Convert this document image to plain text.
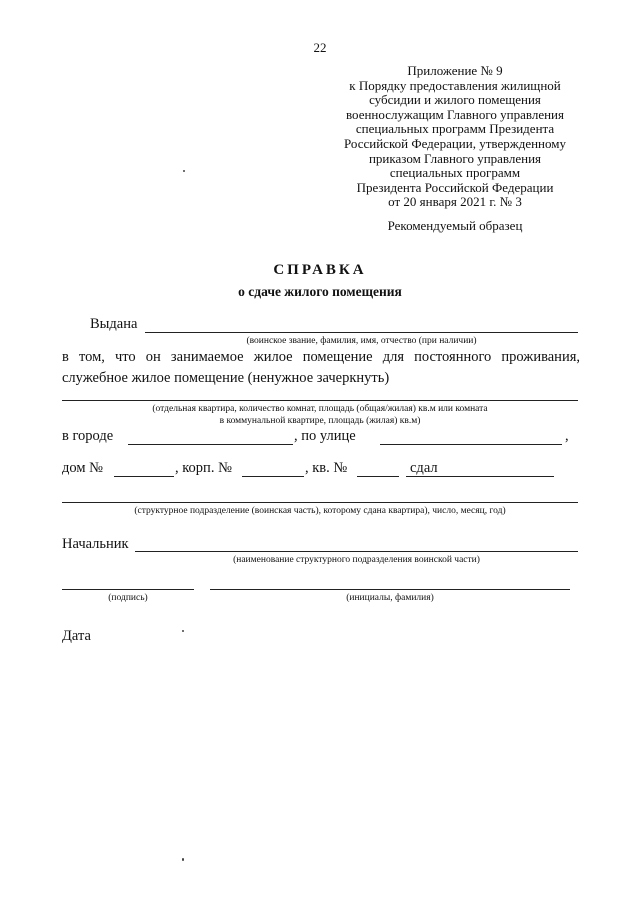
22
Приложение № 9
к Порядку предоставления жилищной
субсидии и жилого помещения
военнослужащим Главного управления
специальных программ Президента
Российской Федерации, утвержденному
приказом Главного управления
специальных программ
Президента Российской Федерации
от 20 января 2021 г. № 3
Рекомендуемый образец
СПРАВКА
о сдаче жилого помещения
Выдана
(воинское звание, фамилия, имя, отчество (при наличии)
в том, что он занимаемое жилое помещение для постоянного проживания,
служебное жилое помещение (ненужное зачеркнуть)
(отдельная квартира, количество комнат, площадь (общая/жилая) кв.м или комната
в коммунальной квартире, площадь (жилая) кв.м)
в городе	, по улице	,
дом №	, корп. №	, кв. №	сдал
(структурное подразделение (воинская часть), которому сдана квартира), число, месяц, год)
Начальник
(наименование структурного подразделения воинской части)
(подпись)	(инициалы, фамилия)
Дата
